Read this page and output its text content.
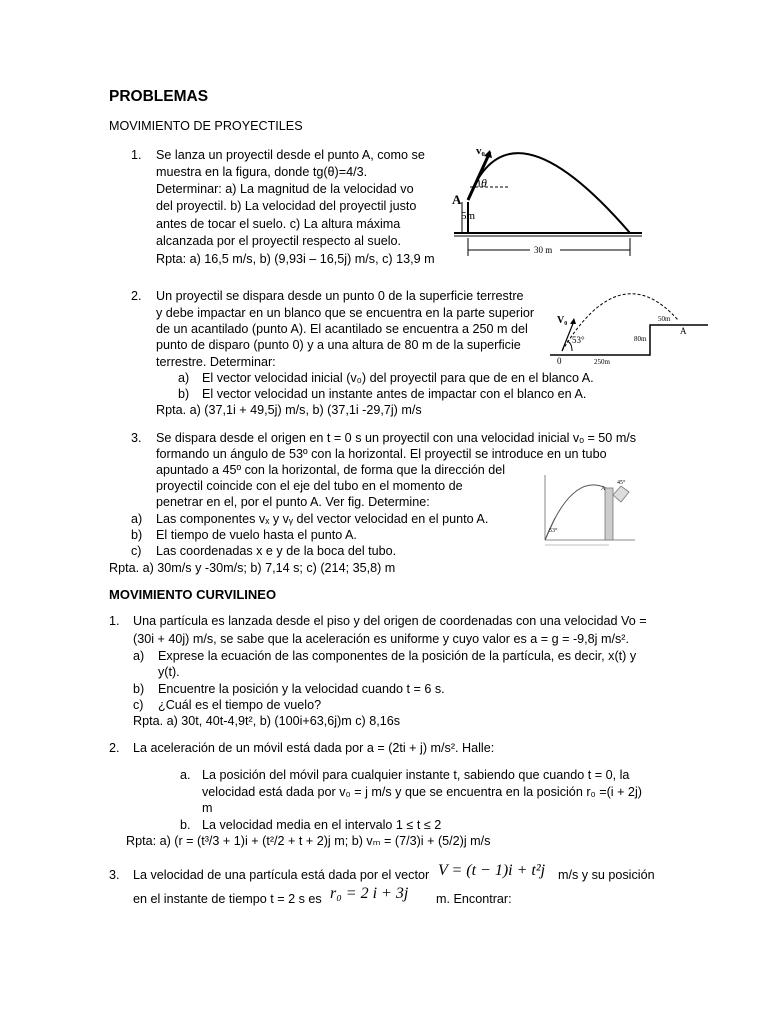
PROBLEMAS
MOVIMIENTO DE PROYECTILES
1. Se lanza un proyectil desde el punto A, como se
muestra en la figura, donde tg(θ)=4/3.
Determinar: a) La magnitud de la velocidad vo
del proyectil. b) La velocidad del proyectil justo
antes de tocar el suelo. c) La altura máxima
alcanzada por el proyectil respecto al suelo.
Rpta: a) 16,5 m/s, b) (9,93i – 16,5j) m/s, c) 13,9 m
v₀
θ
A
5m
30 m
2. Un proyectil se dispara desde un punto 0 de la superficie terrestre
y debe impactar en un blanco que se encuentra en la parte superior
de un acantilado (punto A). El acantilado se encuentra a 250 m del
punto de disparo (punto 0) y a una altura de 80 m de la superficie
terrestre. Determinar:
a) El vector velocidad inicial (v₀) del proyectil para que de en el blanco A.
b) El vector velocidad un instante antes de impactar con el blanco en A.
Rpta. a) (37,1i + 49,5j) m/s, b) (37,1i -29,7j) m/s
V₀
53°
0	250m
50m
A
80m
3. Se dispara desde el origen en t = 0 s un proyectil con una velocidad inicial vₒ = 50 m/s
formando un ángulo de 53º con la horizontal. El proyectil se introduce en un tubo
apuntado a 45º con la horizontal, de forma que la dirección del
proyectil coincide con el eje del tubo en el momento de
penetrar en el, por el punto A. Ver fig. Determine:
a) Las componentes vₓ y vᵧ del vector velocidad en el punto A.
b) El tiempo de vuelo hasta el punto A.
c) Las coordenadas x e y de la boca del tubo.
Rpta. a) 30m/s y -30m/s; b) 7,14 s; c) (214; 35,8) m
53°
45°
A
MOVIMIENTO CURVILINEO
1. Una partícula es lanzada desde el piso y del origen de coordenadas con una velocidad Vo =
(30i + 40j) m/s, se sabe que la aceleración es uniforme y cuyo valor es a = g = -9,8j m/s².
a) Exprese la ecuación de las componentes de la posición de la partícula, es decir, x(t) y
y(t).
b) Encuentre la posición y la velocidad cuando t = 6 s.
c) ¿Cuál es el tiempo de vuelo?
Rpta. a) 30t, 40t-4,9t², b) (100i+63,6j)m c) 8,16s
2. La aceleración de un móvil está dada por a = (2ti + j) m/s². Halle:
a. La posición del móvil para cualquier instante t, sabiendo que cuando t = 0, la
velocidad está dada por v₀ = j m/s y que se encuentra en la posición r₀ =(i + 2j)
m
b. La velocidad media en el intervalo 1 ≤ t ≤ 2
Rpta: a) (r = (t³/3 + 1)i + (t²/2 + t + 2)j m; b) vₘ = (7/3)i + (5/2)j m/s
3. La velocidad de una partícula está dada por el vector V = (t − 1)i + t²j m/s y su posición
en el instante de tiempo t = 2 s es r₀ = 2 i + 3j m. Encontrar:
